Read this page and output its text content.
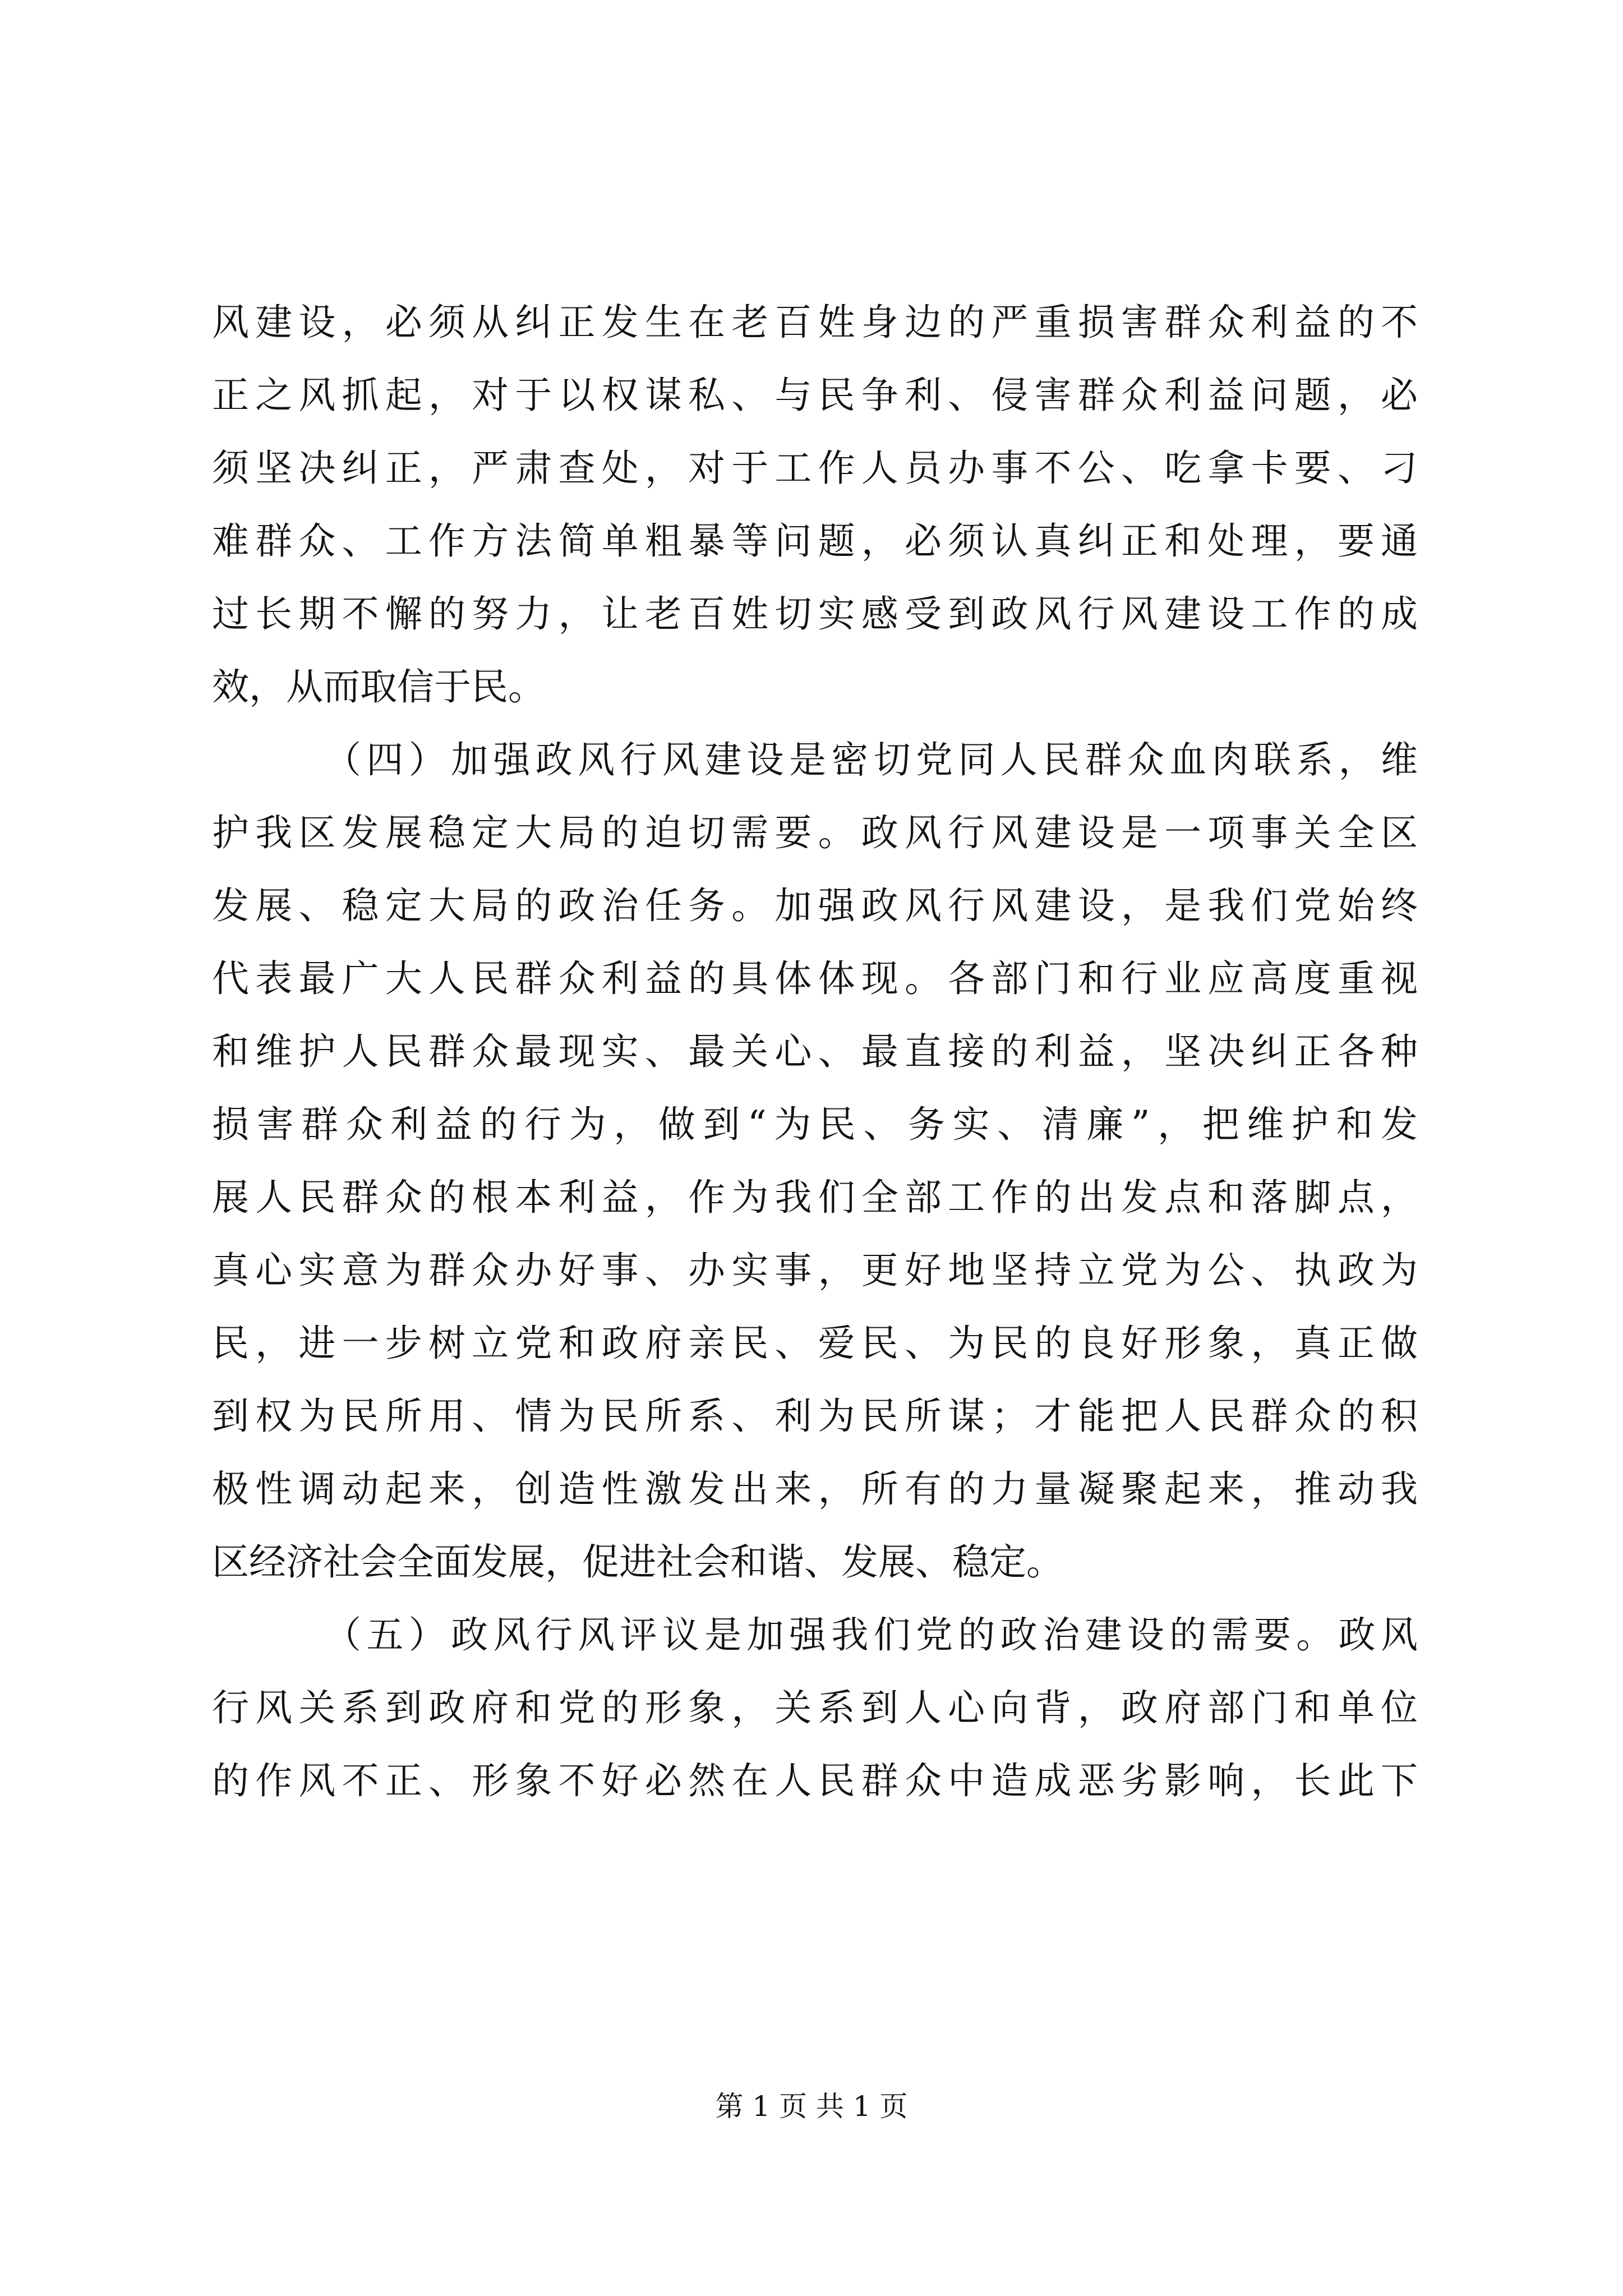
风建设，必须从纠正发生在老百姓身边的严重损害群众利益的不
正之风抓起，对于以权谋私、与民争利、侵害群众利益问题，必
须坚决纠正，严肃查处，对于工作人员办事不公、吃拿卡要、刁
难群众、工作方法简单粗暴等问题，必须认真纠正和处理，要通
过长期不懈的努力，让老百姓切实感受到政风行风建设工作的成
效，从而取信于民。
（四）加强政风行风建设是密切党同人民群众血肉联系，维
护我区发展稳定大局的迫切需要。政风行风建设是一项事关全区
发展、稳定大局的政治任务。加强政风行风建设，是我们党始终
代表最广大人民群众利益的具体体现。各部门和行业应高度重视
和维护人民群众最现实、最关心、最直接的利益，坚决纠正各种
损害群众利益的行为，做到“为民、务实、清廉”，把维护和发
展人民群众的根本利益，作为我们全部工作的出发点和落脚点，
真心实意为群众办好事、办实事，更好地坚持立党为公、执政为
民，进一步树立党和政府亲民、爱民、为民的良好形象，真正做
到权为民所用、情为民所系、利为民所谋；才能把人民群众的积
极性调动起来，创造性激发出来，所有的力量凝聚起来，推动我
区经济社会全面发展，促进社会和谐、发展、稳定。
（五）政风行风评议是加强我们党的政治建设的需要。政风
行风关系到政府和党的形象，关系到人心向背，政府部门和单位
的作风不正、形象不好必然在人民群众中造成恶劣影响，长此下
第 1 页 共 1 页
